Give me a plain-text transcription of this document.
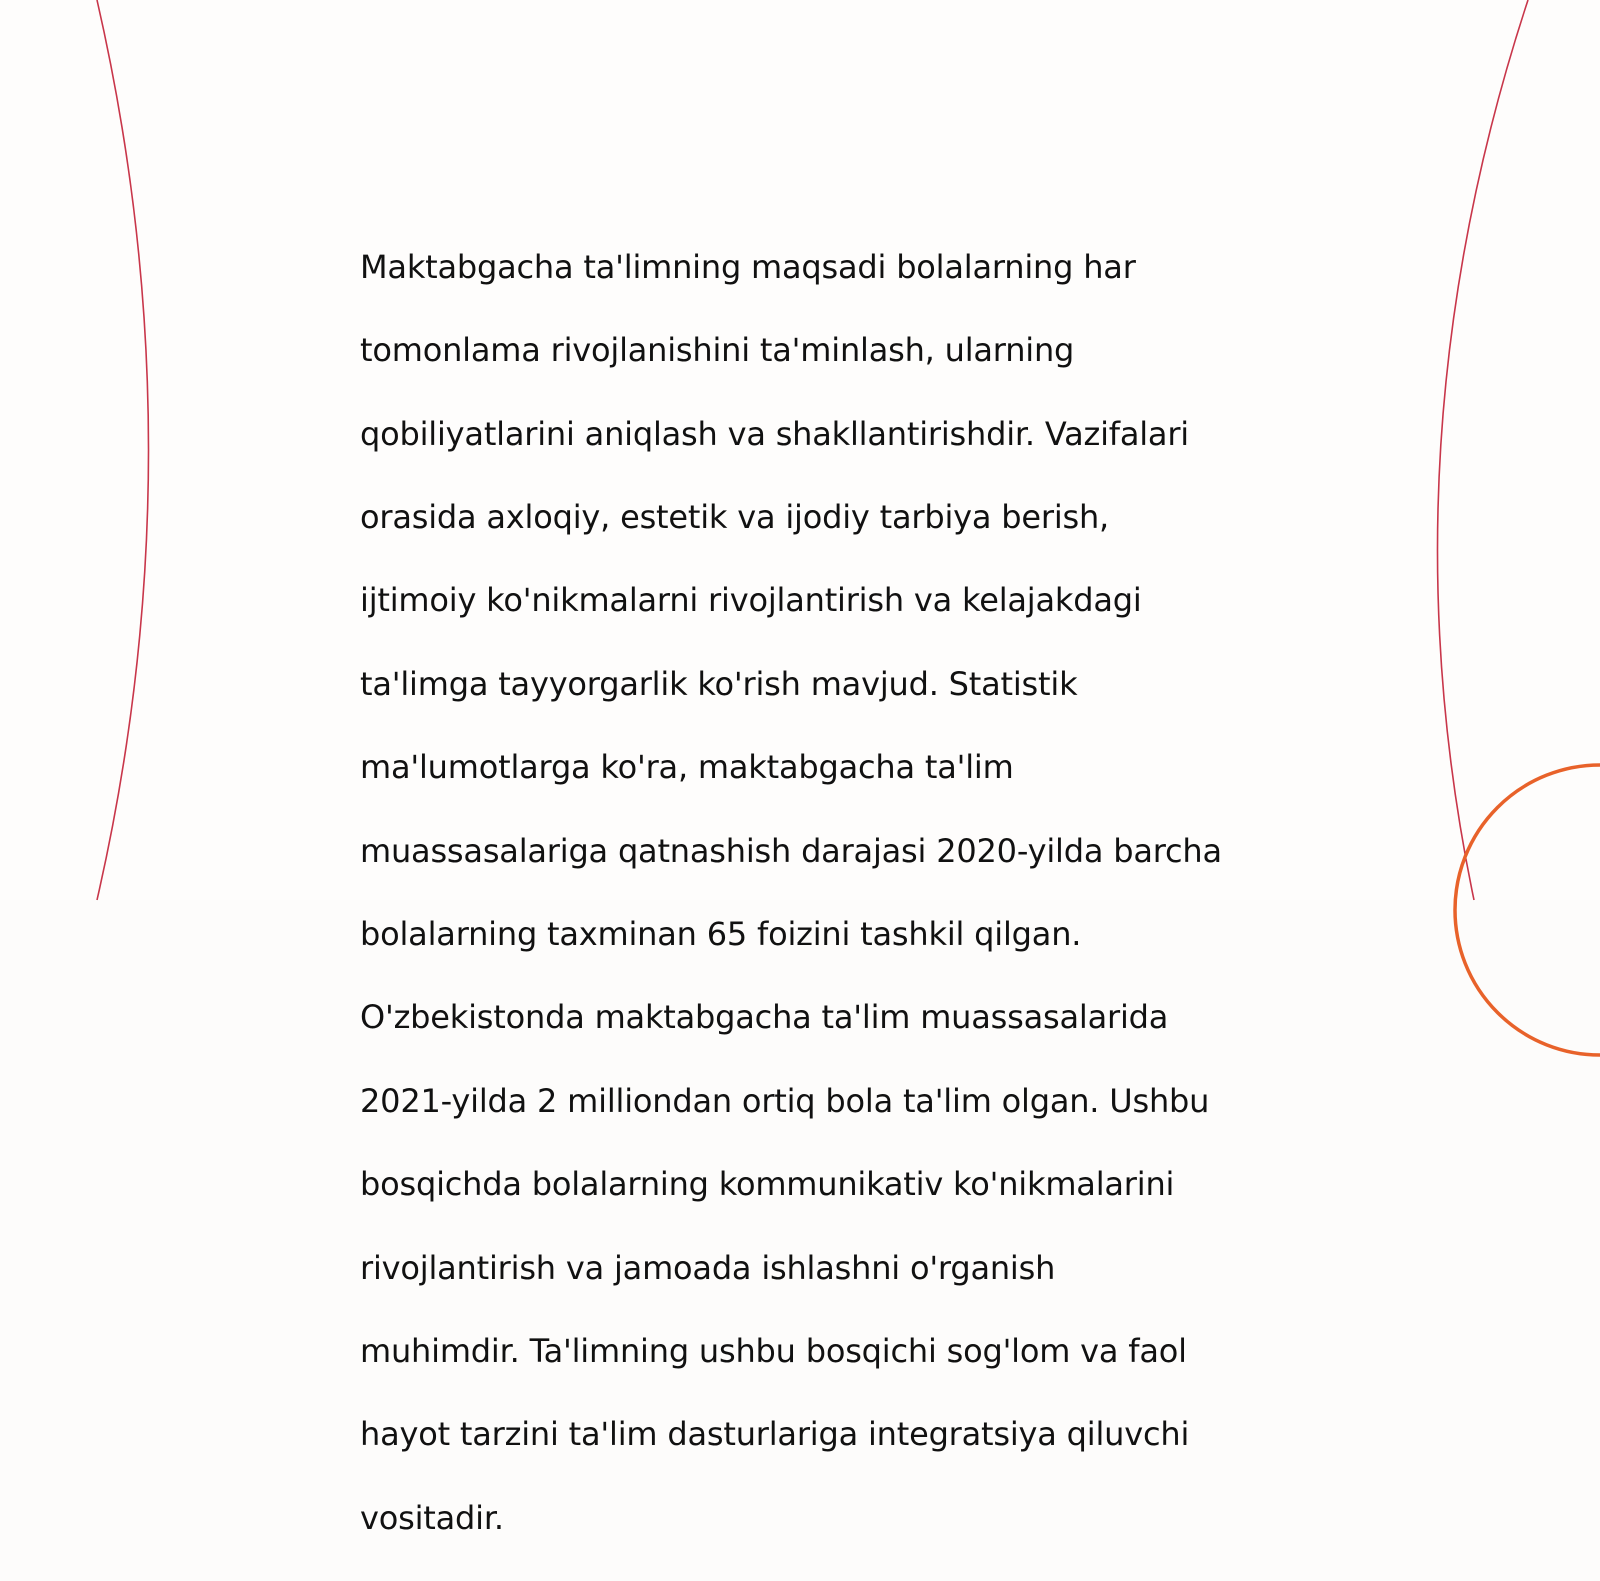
Maktabgacha ta'limning maqsadi bolalarning har

tomonlama rivojlanishini ta'minlash, ularning

qobiliyatlarini aniqlash va shakllantirishdir. Vazifalari

orasida axloqiy, estetik va ijodiy tarbiya berish,

ijtimoiy ko'nikmalarni rivojlantirish va kelajakdagi

ta'limga tayyorgarlik ko'rish mavjud. Statistik

ma'lumotlarga ko'ra, maktabgacha ta'lim

muassasalariga qatnashish darajasi 2020-yilda barcha

bolalarning taxminan 65 foizini tashkil qilgan.

O'zbekistonda maktabgacha ta'lim muassasalarida

2021-yilda 2 milliondan ortiq bola ta'lim olgan. Ushbu

bosqichda bolalarning kommunikativ ko'nikmalarini

rivojlantirish va jamoada ishlashni o'rganish

muhimdir. Ta'limning ushbu bosqichi sog'lom va faol

hayot tarzini ta'lim dasturlariga integratsiya qiluvchi

vositadir.
